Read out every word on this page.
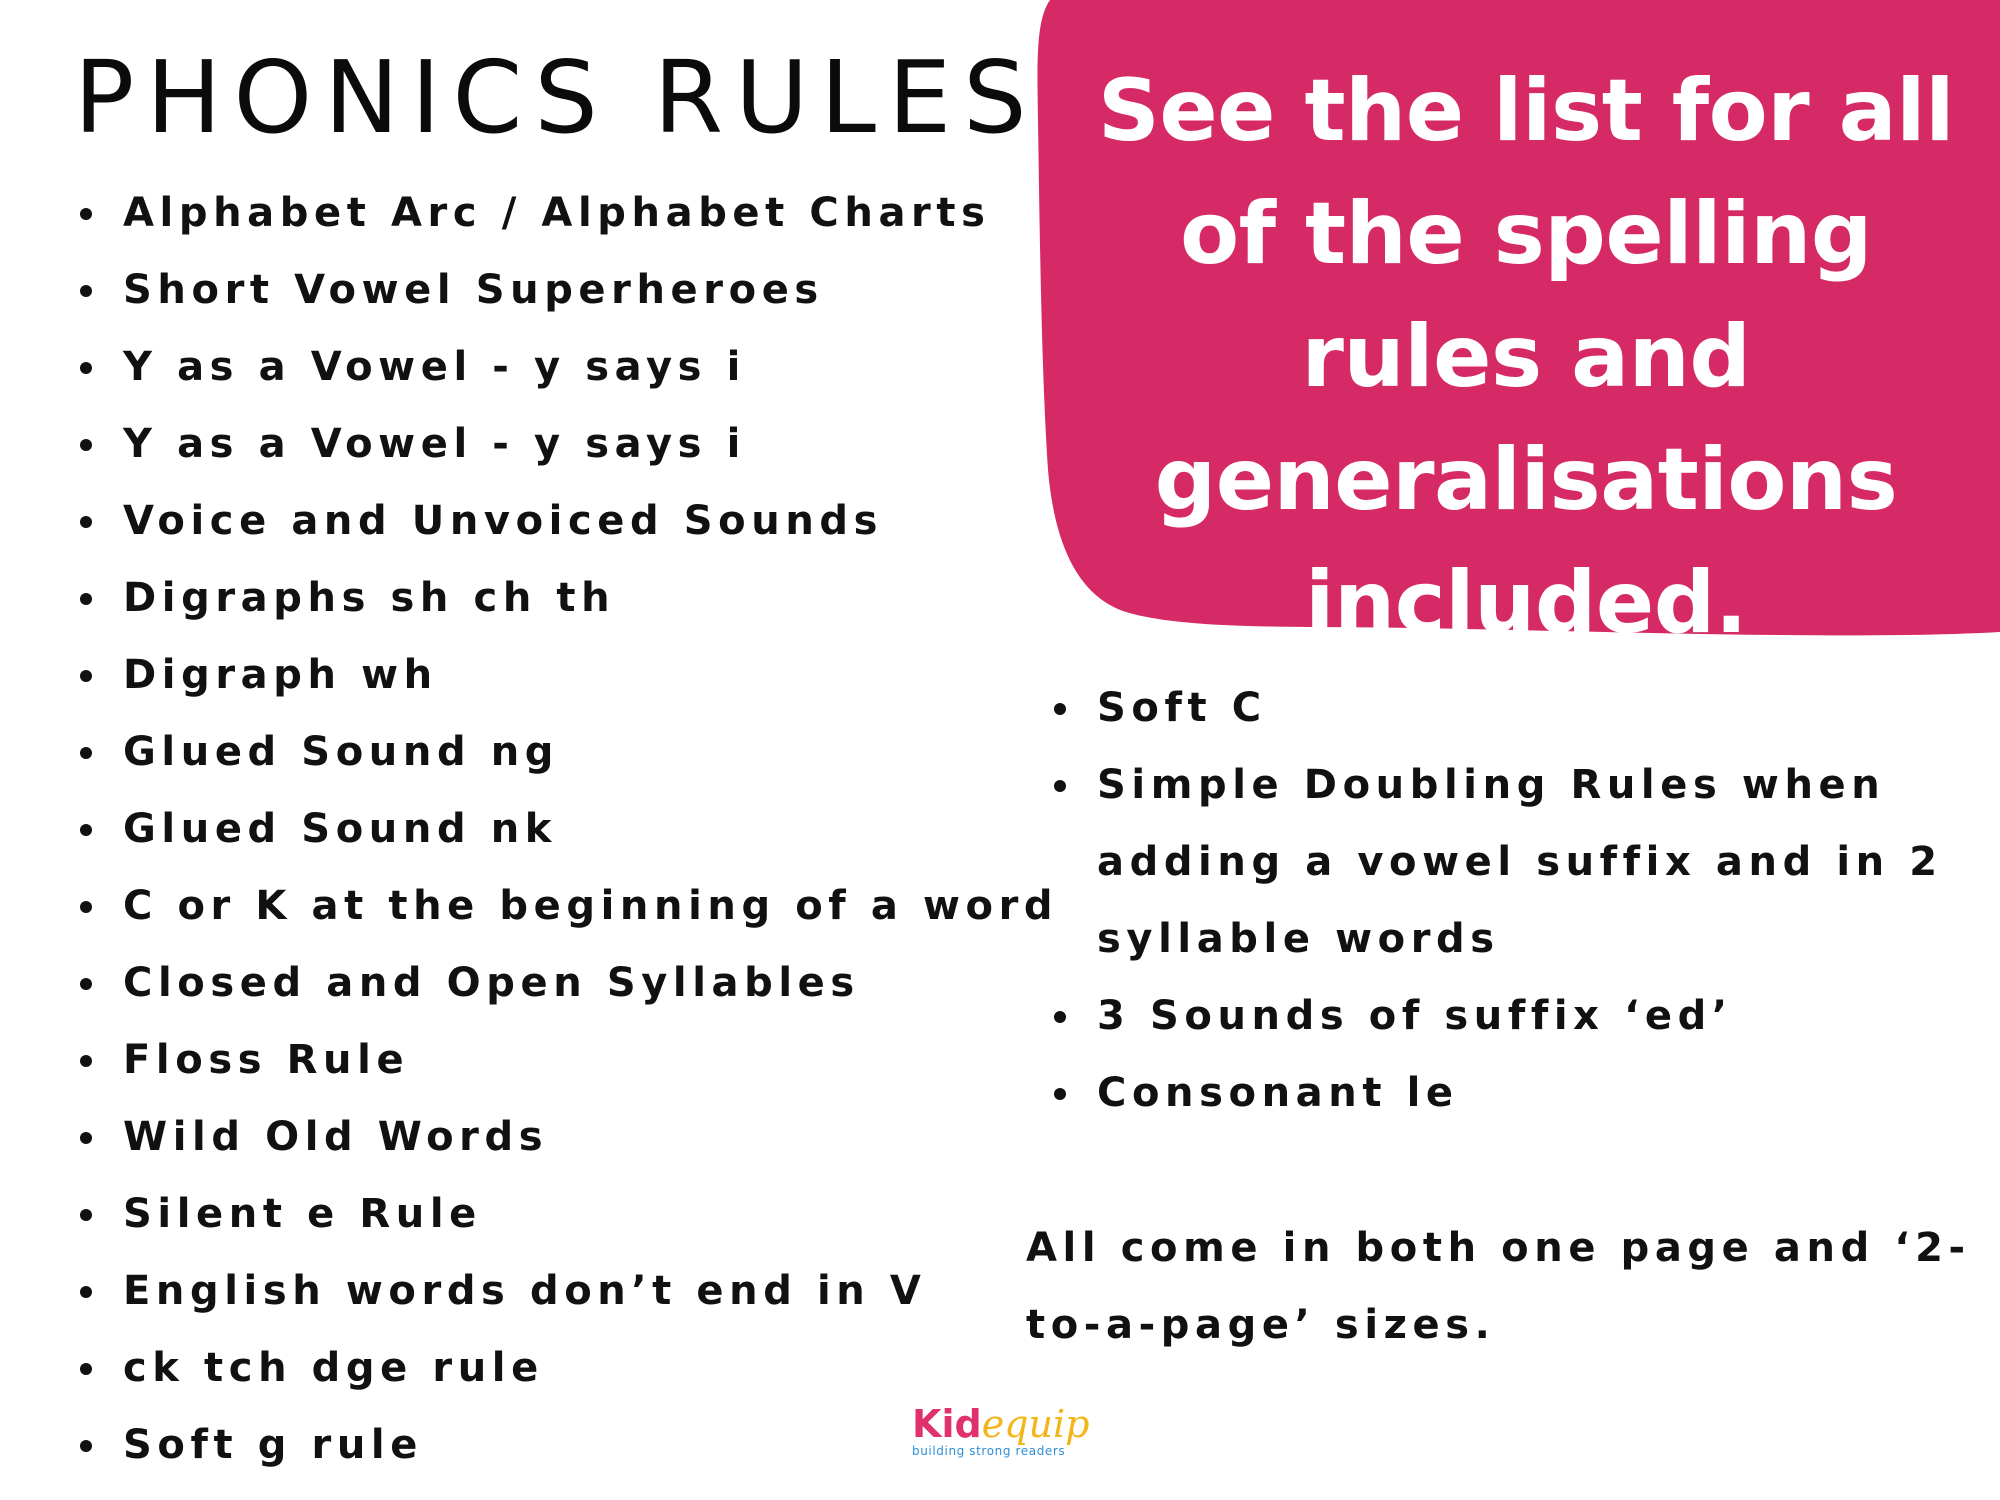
See the list for all of the spelling rules and generalisations included.
PHONICS RULES
Alphabet Arc / Alphabet Charts
Short Vowel Superheroes
Y as a Vowel - y says i
Y as a Vowel - y says i
Voice and Unvoiced Sounds
Digraphs sh ch th
Digraph wh
Glued Sound ng
Glued Sound nk
C or K at the beginning of a word
Closed and Open Syllables
Floss Rule
Wild Old Words
Silent e Rule
English words don’t end in V
ck tch dge rule
Soft g rule
Soft C
Simple Doubling Rules when adding a vowel suffix and in 2 syllable words
3 Sounds of suffix ‘ed’
Consonant le
All come in both one page and ‘2-to-a-page’ sizes.
Kidequip
building strong readers
